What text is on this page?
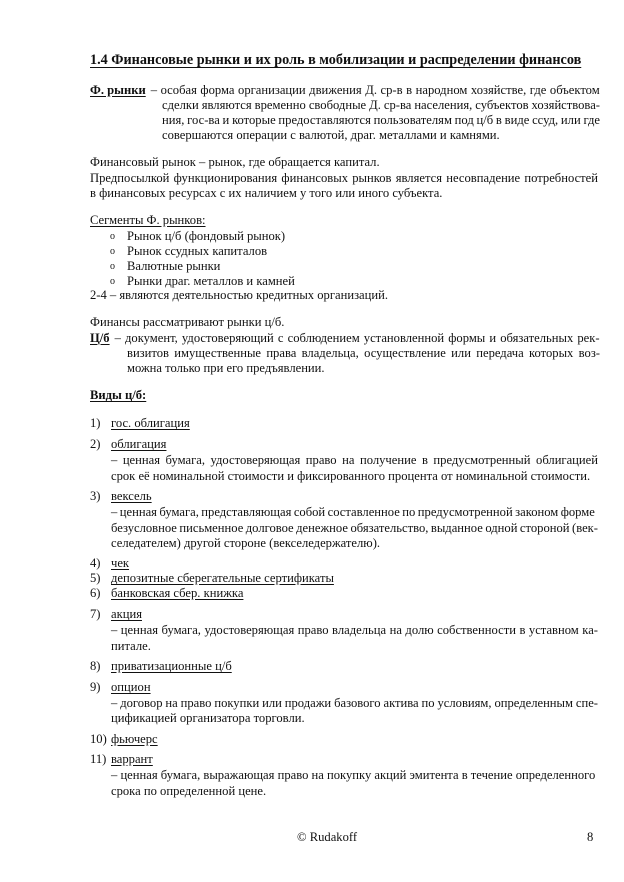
1.4 Финансовые рынки и их роль в мобилизации и распределении финансов
Ф. рынки – особая форма организации движения Д. ср-в в народном хозяйстве, где объектом
сделки являются временно свободные Д. ср-ва населения, субъектов хозяйствова-
ния, гос-ва и которые предоставляются пользователям под ц/б в виде ссуд, или где
совершаются операции с валютой, драг. металлами и камнями.
Финансовый рынок – рынок, где обращается капитал.
Предпосылкой функционирования финансовых рынков является несовпадение потребностей
в финансовых ресурсах с их наличием у того или иного субъекта.
Сегменты Ф. рынков:
o Рынок ц/б (фондовый рынок)
o Рынок ссудных капиталов
o Валютные рынки
o Рынки драг. металлов и камней
2-4 – являются деятельностью кредитных организаций.
Финансы рассматривают рынки ц/б.
Ц/б – документ, удостоверяющий с соблюдением установленной формы и обязательных рек-
визитов имущественные права владельца, осуществление или передача которых воз-
можна только при его предъявлении.
Виды ц/б:
1) гос. облигация
2) облигация
– ценная бумага, удостоверяющая право на получение в предусмотренный облигацией
срок её номинальной стоимости и фиксированного процента от номинальной стоимости.
3) вексель
– ценная бумага, представляющая собой составленное по предусмотренной законом форме
безусловное письменное долговое денежное обязательство, выданное одной стороной (век-
селедателем) другой стороне (векселедержателю).
4) чек
5) депозитные сберегательные сертификаты
6) банковская сбер. книжка
7) акция
– ценная бумага, удостоверяющая право владельца на долю собственности в уставном ка-
питале.
8) приватизационные ц/б
9) опцион
– договор на право покупки или продажи базового актива по условиям, определенным спе-
цификацией организатора торговли.
10) фьючерс
11) варрант
– ценная бумага, выражающая право на покупку акций эмитента в течение определенного
срока по определенной цене.
© Rudakoff	8
